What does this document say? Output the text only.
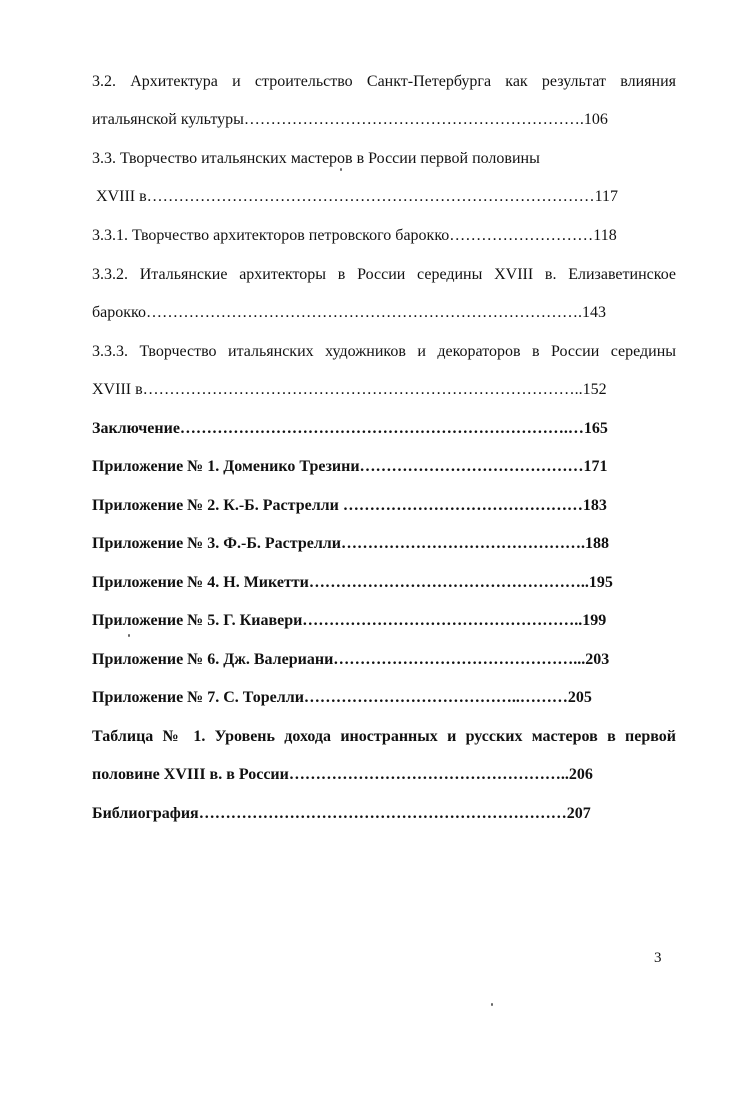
3.2. Архитектура и строительство Санкт-Петербурга как результат влияния
итальянской культуры……………………………………………………….106
3.3. Творчество итальянских мастеров в России первой половины
XVIII в…………………………………………………………………………117
3.3.1. Творчество архитекторов петровского барокко………………………118
3.3.2. Итальянские архитекторы в России середины XVIII в. Елизаветинское
барокко……………………………………………………………………….143
3.3.3. Творчество итальянских художников и декораторов в России середины
XVIII в………………………………………………………………………..152
Заключение……………………………………………………………….…165
Приложение № 1. Доменико Трезини……………………………………171
Приложение № 2. К.-Б. Растрелли ………………………………………183
Приложение № 3. Ф.-Б. Растрелли……………………………………….188
Приложение № 4. Н. Микетти……………………………………………..195
Приложение № 5. Г. Киавери……………………………………………..199
Приложение № 6. Дж. Валериани………………………………………...203
Приложение № 7. С. Торелли…………………………………..………205
Таблица № 1. Уровень дохода иностранных и русских мастеров в первой
половине XVIII в. в России……………………………………………..206
Библиография……………………………………………………………207
3
